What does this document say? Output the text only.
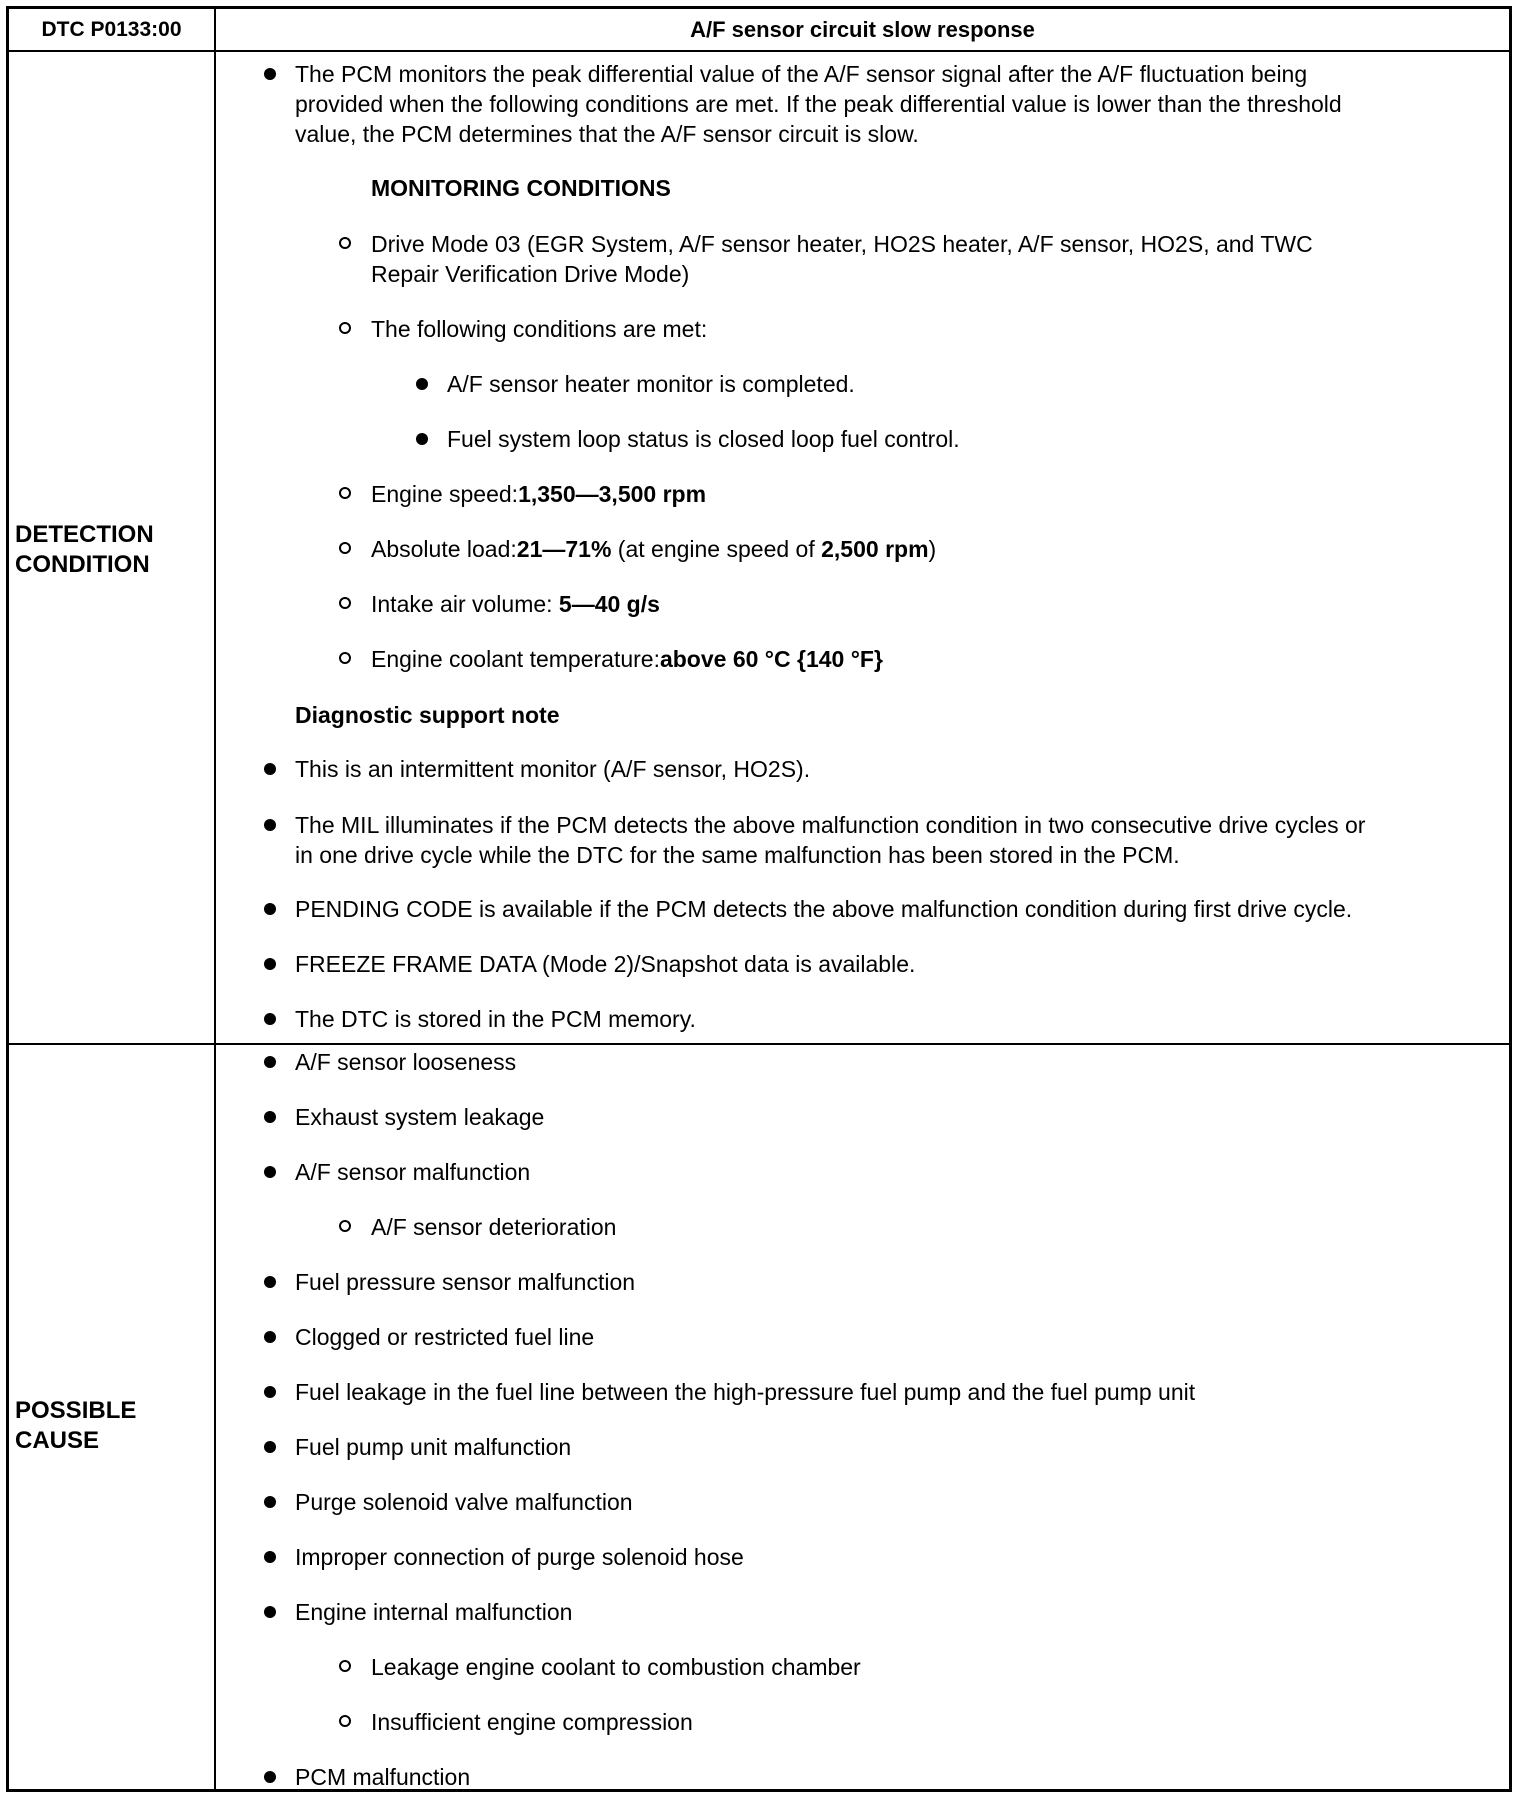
DTC P0133:00	A/F sensor circuit slow response
DETECTION
CONDITION
POSSIBLE
CAUSE
The PCM monitors the peak differential value of the A/F sensor signal after the A/F fluctuation being
provided when the following conditions are met. If the peak differential value is lower than the threshold
value, the PCM determines that the A/F sensor circuit is slow.
MONITORING CONDITIONS
Drive Mode 03 (EGR System, A/F sensor heater, HO2S heater, A/F sensor, HO2S, and TWC
Repair Verification Drive Mode)
The following conditions are met:
A/F sensor heater monitor is completed.
Fuel system loop status is closed loop fuel control.
Engine speed:1,350—3,500 rpm
Absolute load:21—71% (at engine speed of 2,500 rpm)
Intake air volume: 5—40 g/s
Engine coolant temperature:above 60 °C {140 °F}
Diagnostic support note
This is an intermittent monitor (A/F sensor, HO2S).
The MIL illuminates if the PCM detects the above malfunction condition in two consecutive drive cycles or
in one drive cycle while the DTC for the same malfunction has been stored in the PCM.
PENDING CODE is available if the PCM detects the above malfunction condition during first drive cycle.
FREEZE FRAME DATA (Mode 2)/Snapshot data is available.
The DTC is stored in the PCM memory.
A/F sensor looseness
Exhaust system leakage
A/F sensor malfunction
A/F sensor deterioration
Fuel pressure sensor malfunction
Clogged or restricted fuel line
Fuel leakage in the fuel line between the high-pressure fuel pump and the fuel pump unit
Fuel pump unit malfunction
Purge solenoid valve malfunction
Improper connection of purge solenoid hose
Engine internal malfunction
Leakage engine coolant to combustion chamber
Insufficient engine compression
PCM malfunction
